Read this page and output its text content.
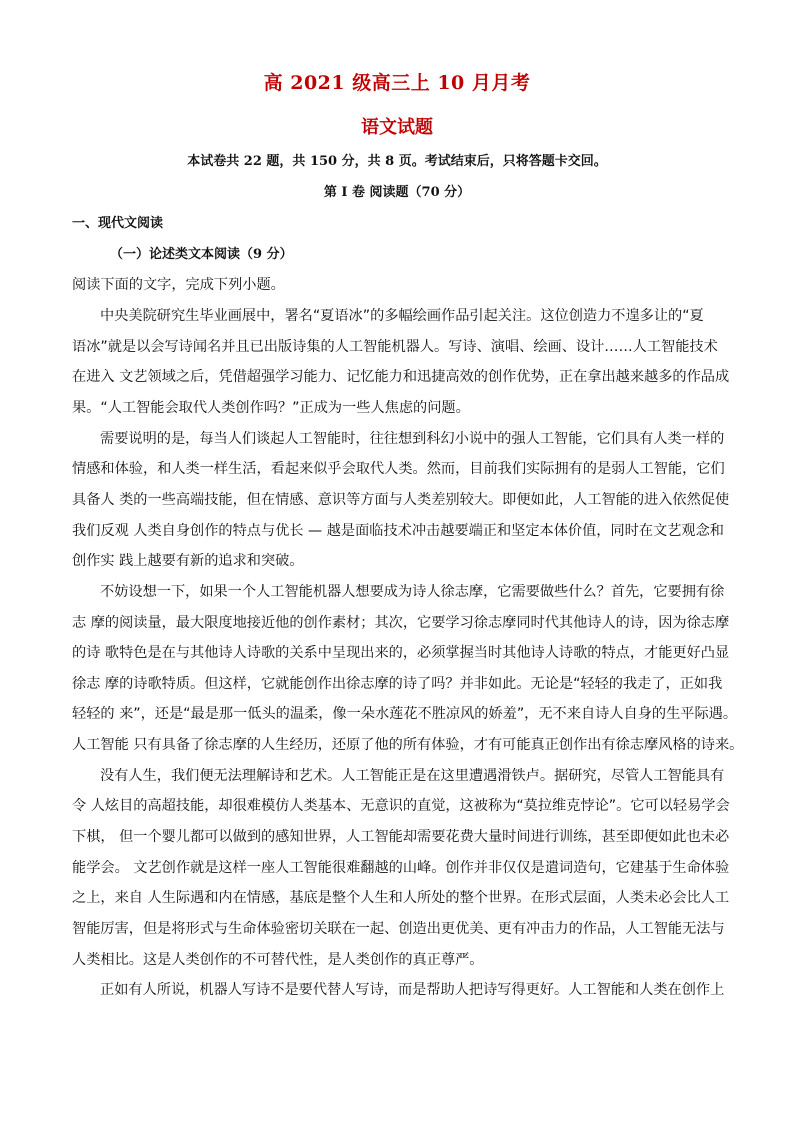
高 2021 级高三上 10 月月考
语文试题
本试卷共 22 题，共 150 分，共 8 页。考试结束后，只将答题卡交回。
第 I 卷 阅读题（70 分）
一、现代文阅读
（一）论述类文本阅读（9 分）
阅读下面的文字，完成下列小题。
中央美院研究生毕业画展中，署名“夏语冰”的多幅绘画作品引起关注。这位创造力不遑多让的“夏
语冰”就是以会写诗闻名并且已出版诗集的人工智能机器人。写诗、演唱、绘画、设计……人工智能技术
在进入 文艺领域之后，凭借超强学习能力、记忆能力和迅捷高效的创作优势，正在拿出越来越多的作品成
果。“人工智能会取代人类创作吗？”正成为一些人焦虑的问题。
需要说明的是，每当人们谈起人工智能时，往往想到科幻小说中的强人工智能，它们具有人类一样的
情感和体验，和人类一样生活，看起来似乎会取代人类。然而，目前我们实际拥有的是弱人工智能，它们
具备人 类的一些高端技能，但在情感、意识等方面与人类差别较大。即便如此，人工智能的进入依然促使
我们反观 人类自身创作的特点与优长 — 越是面临技术冲击越要端正和坚定本体价值，同时在文艺观念和
创作实 践上越要有新的追求和突破。
不妨设想一下，如果一个人工智能机器人想要成为诗人徐志摩，它需要做些什么？首先，它要拥有徐
志 摩的阅读量，最大限度地接近他的创作素材；其次，它要学习徐志摩同时代其他诗人的诗，因为徐志摩
的诗 歌特色是在与其他诗人诗歌的关系中呈现出来的，必须掌握当时其他诗人诗歌的特点，才能更好凸显
徐志 摩的诗歌特质。但这样，它就能创作出徐志摩的诗了吗？并非如此。无论是“轻轻的我走了，正如我
轻轻的 来”，还是“最是那一低头的温柔，像一朵水莲花不胜凉风的娇羞”，无不来自诗人自身的生平际遇。
人工智能 只有具备了徐志摩的人生经历，还原了他的所有体验，才有可能真正创作出有徐志摩风格的诗来。
没有人生，我们便无法理解诗和艺术。人工智能正是在这里遭遇滑铁卢。据研究，尽管人工智能具有
令 人炫目的高超技能，却很难模仿人类基本、无意识的直觉，这被称为“莫拉维克悖论”。它可以轻易学会
下棋， 但一个婴儿都可以做到的感知世界，人工智能却需要花费大量时间进行训练，甚至即便如此也未必
能学会。 文艺创作就是这样一座人工智能很难翻越的山峰。创作并非仅仅是遣词造句，它建基于生命体验
之上，来自 人生际遇和内在情感，基底是整个人生和人所处的整个世界。在形式层面，人类未必会比人工
智能厉害，但是将形式与生命体验密切关联在一起、创造出更优美、更有冲击力的作品，人工智能无法与
人类相比。这是人类创作的不可替代性，是人类创作的真正尊严。
正如有人所说，机器人写诗不是要代替人写诗，而是帮助人把诗写得更好。人工智能和人类在创作上
